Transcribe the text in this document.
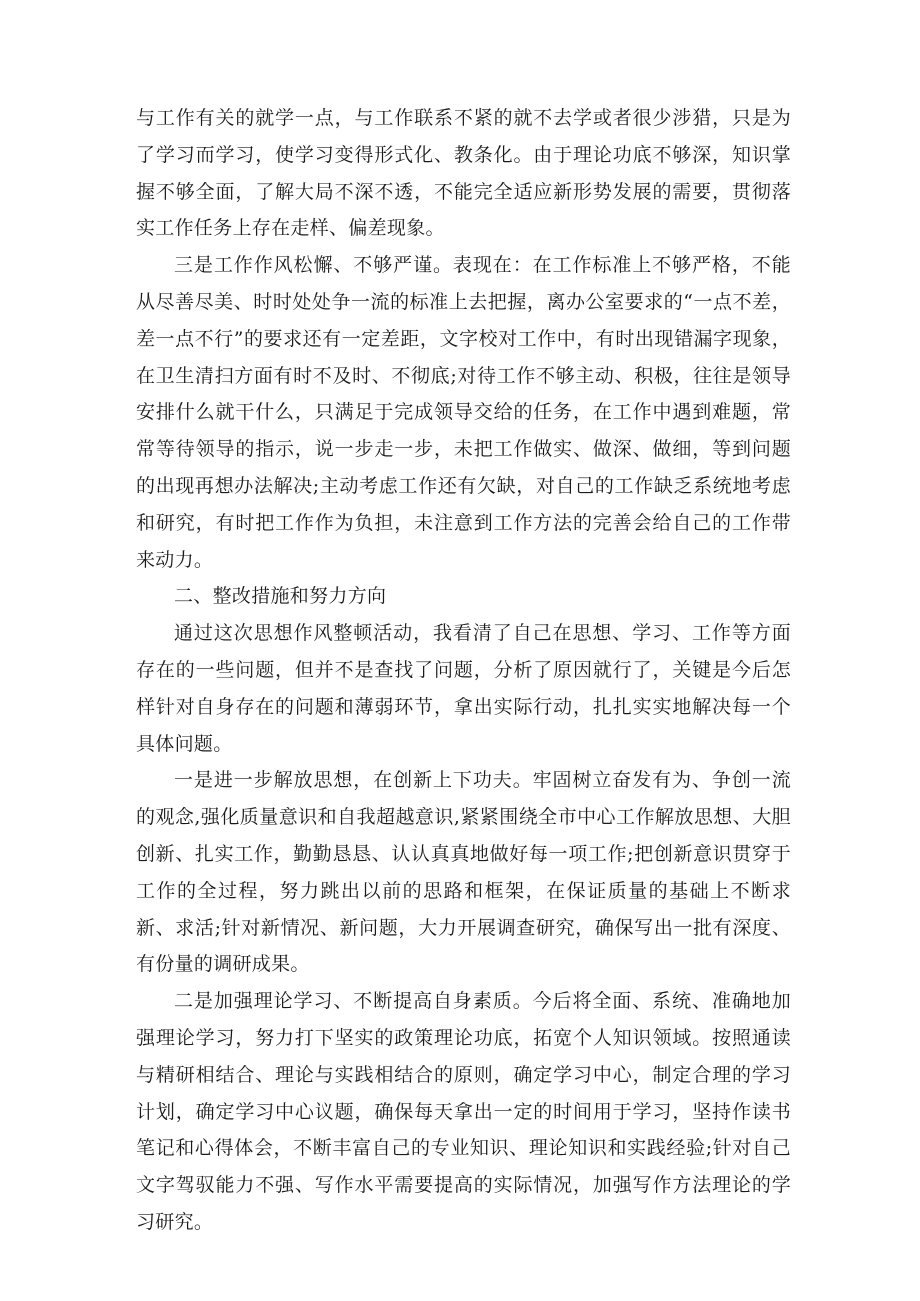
与工作有关的就学一点，与工作联系不紧的就不去学或者很少涉猎，只是为了学习而学习，使学习变得形式化、教条化。由于理论功底不够深，知识掌握不够全面，了解大局不深不透，不能完全适应新形势发展的需要，贯彻落实工作任务上存在走样、偏差现象。

三是工作作风松懈、不够严谨。表现在：在工作标准上不够严格，不能从尽善尽美、时时处处争一流的标准上去把握，离办公室要求的“一点不差，差一点不行”的要求还有一定差距，文字校对工作中，有时出现错漏字现象，在卫生清扫方面有时不及时、不彻底;对待工作不够主动、积极，往往是领导安排什么就干什么，只满足于完成领导交给的任务，在工作中遇到难题，常常等待领导的指示，说一步走一步，未把工作做实、做深、做细，等到问题的出现再想办法解决;主动考虑工作还有欠缺，对自己的工作缺乏系统地考虑和研究，有时把工作作为负担，未注意到工作方法的完善会给自己的工作带来动力。

二、整改措施和努力方向

通过这次思想作风整顿活动，我看清了自己在思想、学习、工作等方面存在的一些问题，但并不是查找了问题，分析了原因就行了，关键是今后怎样针对自身存在的问题和薄弱环节，拿出实际行动，扎扎实实地解决每一个具体问题。

一是进一步解放思想，在创新上下功夫。牢固树立奋发有为、争创一流的观念,强化质量意识和自我超越意识,紧紧围绕全市中心工作解放思想、大胆创新、扎实工作，勤勤恳恳、认认真真地做好每一项工作;把创新意识贯穿于工作的全过程，努力跳出以前的思路和框架，在保证质量的基础上不断求新、求活;针对新情况、新问题，大力开展调查研究，确保写出一批有深度、有份量的调研成果。

二是加强理论学习、不断提高自身素质。今后将全面、系统、准确地加强理论学习，努力打下坚实的政策理论功底，拓宽个人知识领域。按照通读与精研相结合、理论与实践相结合的原则，确定学习中心，制定合理的学习计划，确定学习中心议题，确保每天拿出一定的时间用于学习，坚持作读书笔记和心得体会，不断丰富自己的专业知识、理论知识和实践经验;针对自己文字驾驭能力不强、写作水平需要提高的实际情况，加强写作方法理论的学习研究。
